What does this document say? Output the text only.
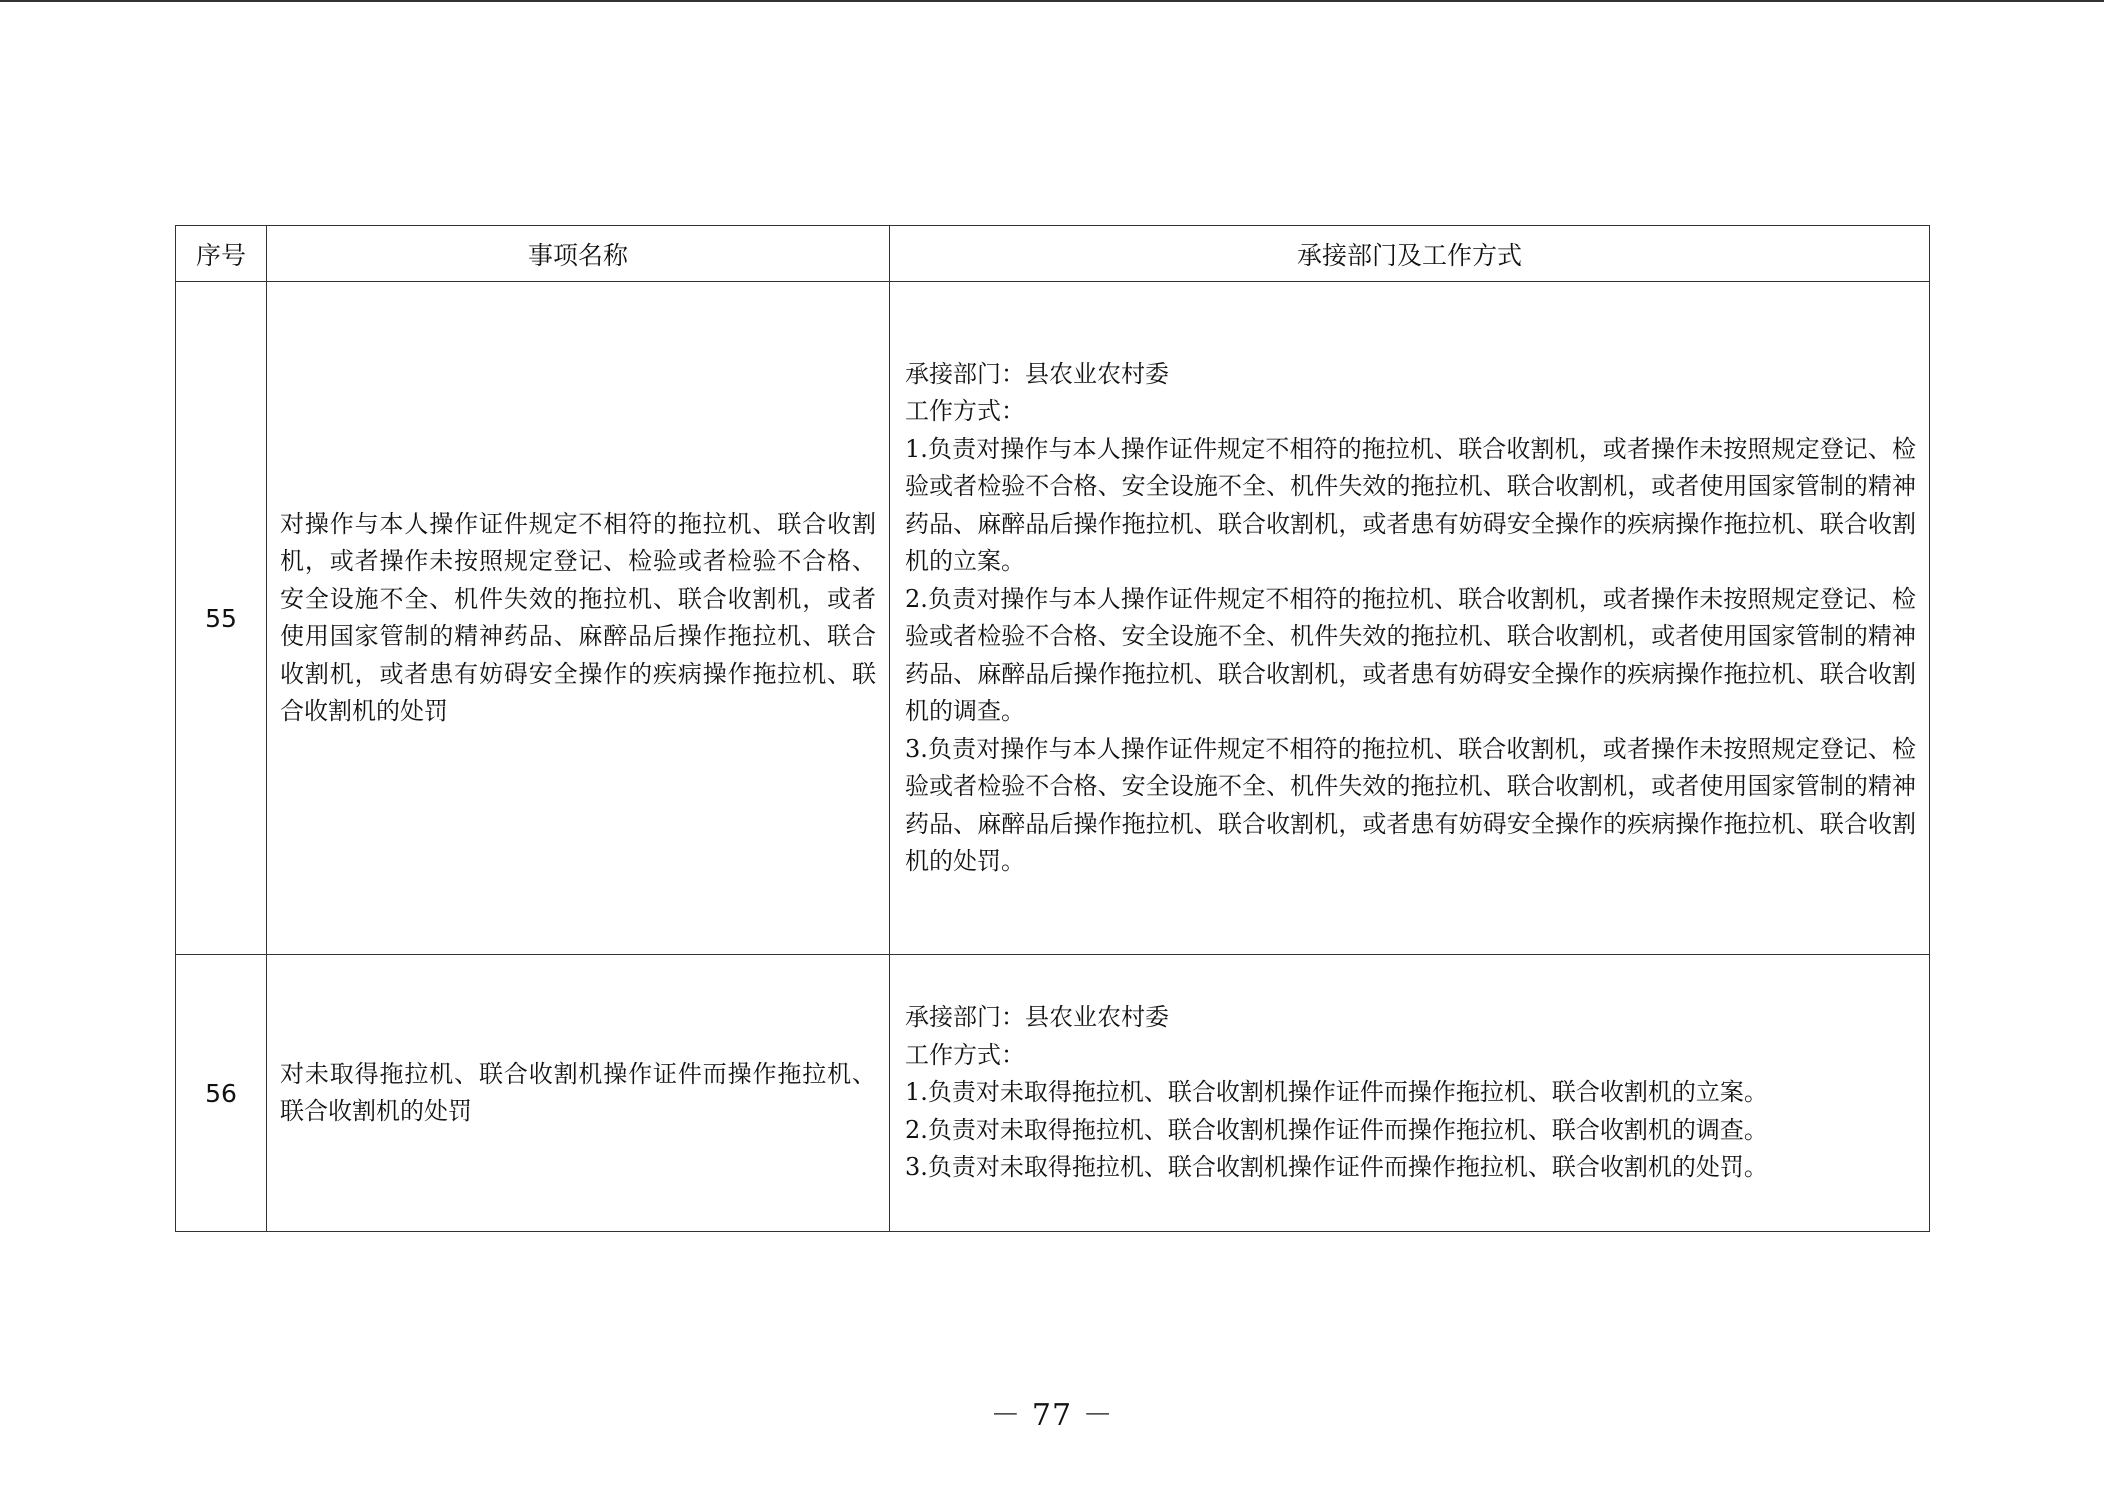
序号	事项名称	承接部门及工作方式
55	对操作与本人操作证件规定不相符的拖拉机、联合收割机，或者操作未按照规定登记、检验或者检验不合格、安全设施不全、机件失效的拖拉机、联合收割机，或者使用国家管制的精神药品、麻醉品后操作拖拉机、联合收割机，或者患有妨碍安全操作的疾病操作拖拉机、联合收割机的处罚	承接部门：县农业农村委

工作方式：

1.负责对操作与本人操作证件规定不相符的拖拉机、联合收割机，或者操作未按照规定登记、检验或者检验不合格、安全设施不全、机件失效的拖拉机、联合收割机，或者使用国家管制的精神药品、麻醉品后操作拖拉机、联合收割机，或者患有妨碍安全操作的疾病操作拖拉机、联合收割机的立案。

2.负责对操作与本人操作证件规定不相符的拖拉机、联合收割机，或者操作未按照规定登记、检验或者检验不合格、安全设施不全、机件失效的拖拉机、联合收割机，或者使用国家管制的精神药品、麻醉品后操作拖拉机、联合收割机，或者患有妨碍安全操作的疾病操作拖拉机、联合收割机的调查。

3.负责对操作与本人操作证件规定不相符的拖拉机、联合收割机，或者操作未按照规定登记、检验或者检验不合格、安全设施不全、机件失效的拖拉机、联合收割机，或者使用国家管制的精神药品、麻醉品后操作拖拉机、联合收割机，或者患有妨碍安全操作的疾病操作拖拉机、联合收割机的处罚。

56	对未取得拖拉机、联合收割机操作证件而操作拖拉机、联合收割机的处罚	承接部门：县农业农村委

工作方式：

1.负责对未取得拖拉机、联合收割机操作证件而操作拖拉机、联合收割机的立案。

2.负责对未取得拖拉机、联合收割机操作证件而操作拖拉机、联合收割机的调查。

3.负责对未取得拖拉机、联合收割机操作证件而操作拖拉机、联合收割机的处罚。

－ 77 －
